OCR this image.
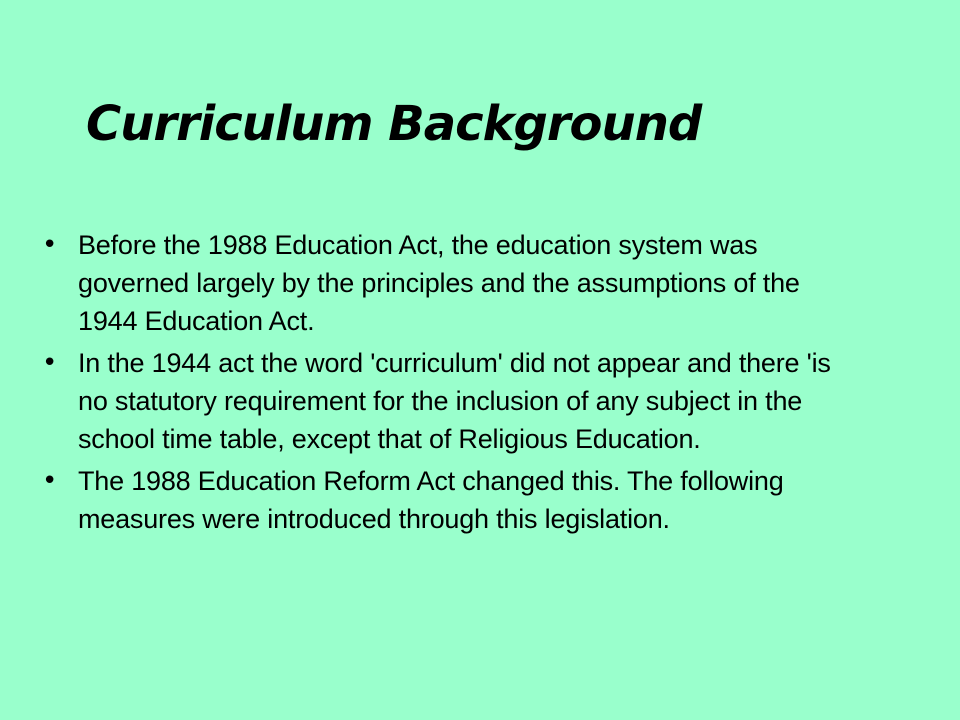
Curriculum Background
• Before the 1988 Education Act, the education system was governed largely by the principles and the assumptions of the 1944 Education Act.
• In the 1944 act the word 'curriculum' did not appear and there 'is no statutory requirement for the inclusion of any subject in the school time table, except that of Religious Education.
• The 1988 Education Reform Act changed this. The following measures were introduced through this legislation.
